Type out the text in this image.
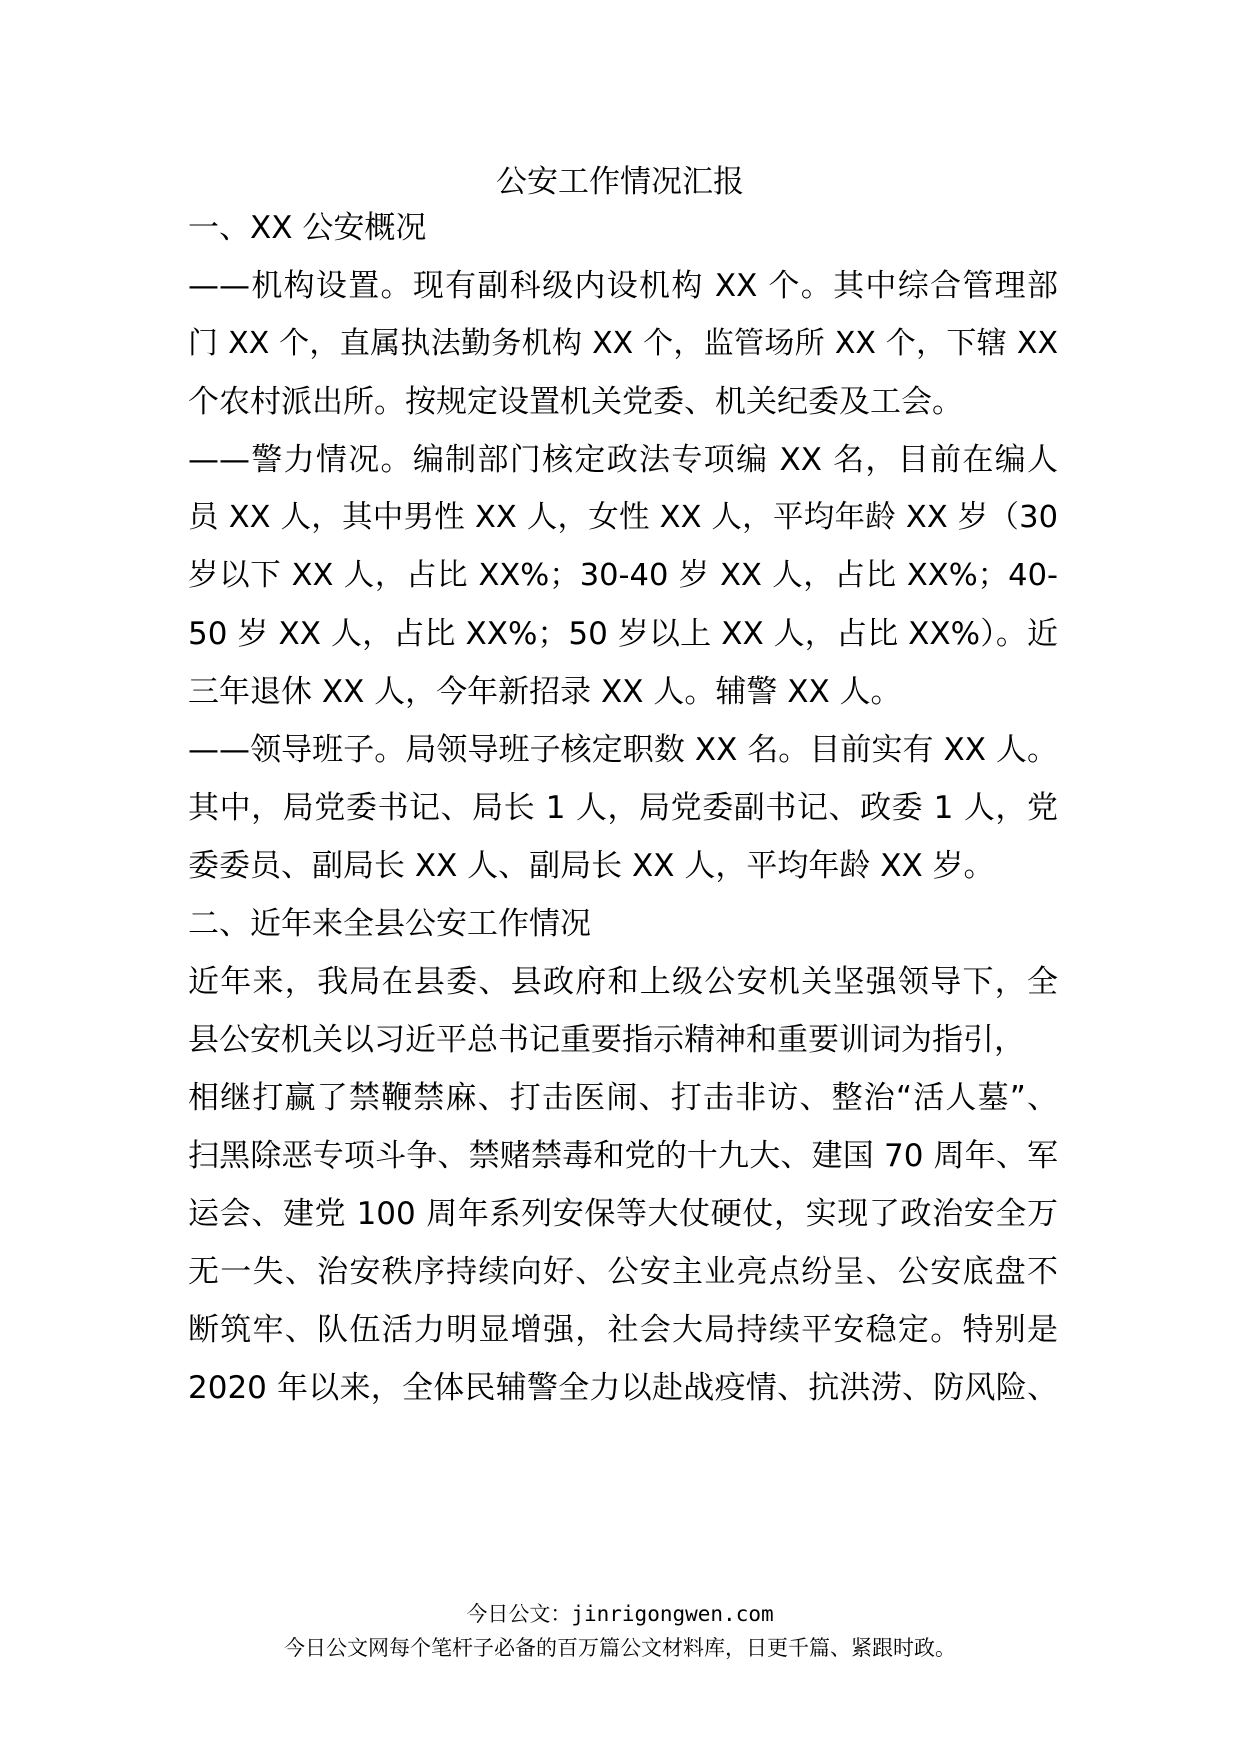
公安工作情况汇报

一、XX 公安概况

——机构设置。现有副科级内设机构 XX 个。其中综合管理部

门 XX 个，直属执法勤务机构 XX 个，监管场所 XX 个，下辖 XX

个农村派出所。按规定设置机关党委、机关纪委及工会。

——警力情况。编制部门核定政法专项编 XX 名，目前在编人

员 XX 人，其中男性 XX 人，女性 XX 人，平均年龄 XX 岁（30

岁以下 XX 人，占比 XX%；30-40 岁 XX 人，占比 XX%；40-

50 岁 XX 人，占比 XX%；50 岁以上 XX 人，占比 XX%）。近

三年退休 XX 人，今年新招录 XX 人。辅警 XX 人。

——领导班子。局领导班子核定职数 XX 名。目前实有 XX 人。

其中，局党委书记、局长 1 人，局党委副书记、政委 1 人，党

委委员、副局长 XX 人、副局长 XX 人，平均年龄 XX 岁。

二、近年来全县公安工作情况

近年来，我局在县委、县政府和上级公安机关坚强领导下，全

县公安机关以习近平总书记重要指示精神和重要训词为指引，

相继打赢了禁鞭禁麻、打击医闹、打击非访、整治“活人墓”、

扫黑除恶专项斗争、禁赌禁毒和党的十九大、建国 70 周年、军

运会、建党 100 周年系列安保等大仗硬仗，实现了政治安全万

无一失、治安秩序持续向好、公安主业亮点纷呈、公安底盘不

断筑牢、队伍活力明显增强，社会大局持续平安稳定。特别是

2020 年以来，全体民辅警全力以赴战疫情、抗洪涝、防风险、

今日公文：jinrigongwen.com
今日公文网每个笔杆子必备的百万篇公文材料库，日更千篇、紧跟时政。
